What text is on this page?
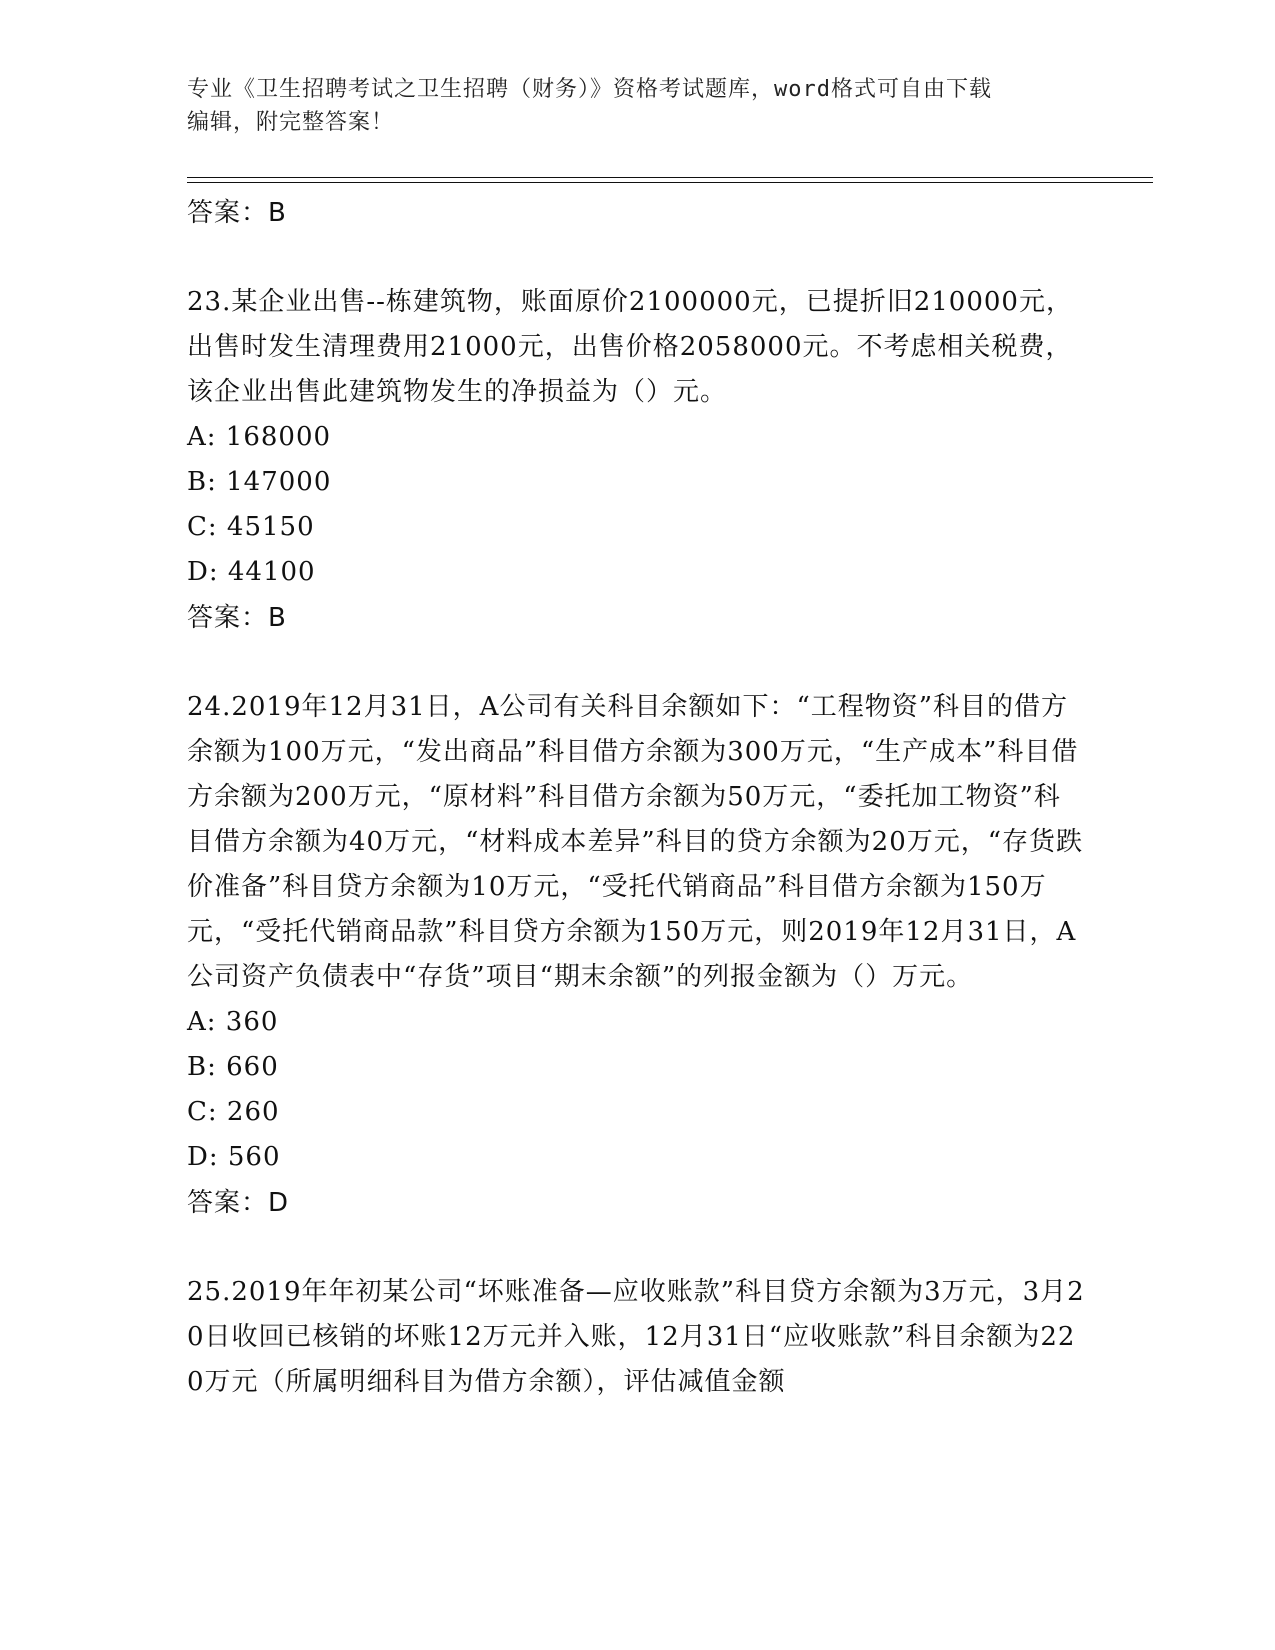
专业《卫生招聘考试之卫生招聘（财务）》资格考试题库，word格式可自由下载
编辑，附完整答案！
答案：B
23.某企业出售--栋建筑物，账面原价2100000元，已提折旧210000元，出售时发生清理费用21000元，出售价格2058000元。不考虑相关税费，该企业出售此建筑物发生的净损益为（）元。
A: 168000
B: 147000
C: 45150
D: 44100
答案：B
24.2019年12月31日，A公司有关科目余额如下：“工程物资”科目的借方余额为100万元，“发出商品”科目借方余额为300万元，“生产成本”科目借方余额为200万元，“原材料”科目借方余额为50万元，“委托加工物资”科目借方余额为40万元，“材料成本差异”科目的贷方余额为20万元，“存货跌价准备”科目贷方余额为10万元，“受托代销商品”科目借方余额为150万元，“受托代销商品款”科目贷方余额为150万元，则2019年12月31日，A公司资产负债表中“存货”项目“期末余额”的列报金额为（）万元。
A: 360
B: 660
C: 260
D: 560
答案：D
25.2019年年初某公司“坏账准备—应收账款”科目贷方余额为3万元，3月20日收回已核销的坏账12万元并入账，12月31日“应收账款”科目余额为220万元（所属明细科目为借方余额），评估减值金额
